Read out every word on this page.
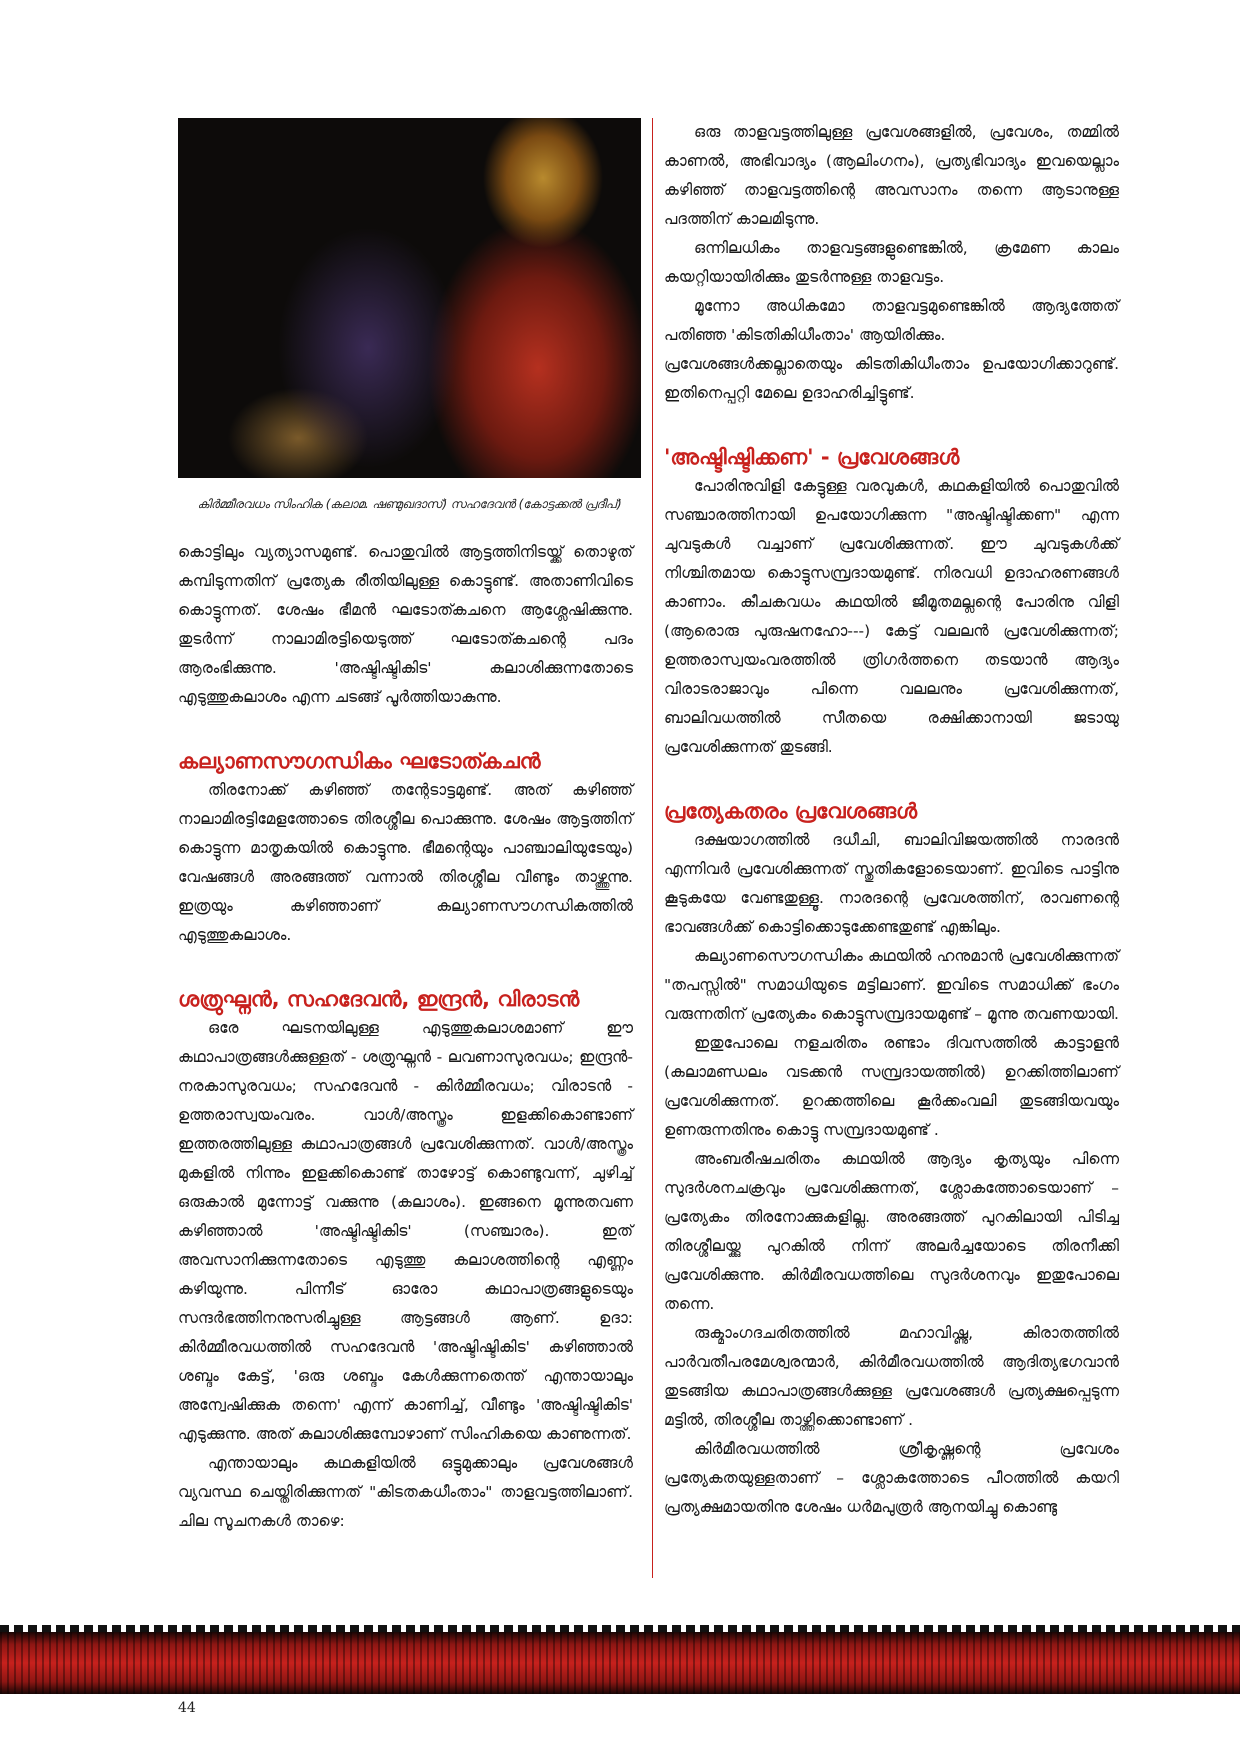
കിർമ്മീരവധം സിംഹിക (കലാമ. ഷണ്മുഖദാസ്) സഹദേവൻ (കോട്ടക്കൽ പ്രദീപ്)

കൊട്ടിലും വ്യത്യാസമുണ്ട്. പൊതുവിൽ ആട്ടത്തിനിടയ്ക്ക് തൊഴുത് കമ്പിടുന്നതിന് പ്രത്യേക രീതിയിലുള്ള കൊട്ടുണ്ട്. അതാണിവിടെ കൊട്ടുന്നത്. ശേഷം ഭീമൻ ഘടോത്കചനെ ആശ്ലേഷിക്കുന്നു. തുടർന്ന് നാലാമിരട്ടിയെടുത്ത് ഘടോത്കചന്റെ പദം ആരംഭിക്കുന്നു. 'അഷ്ടിഷ്ടികിട' കലാശിക്കുന്നതോടെ എടുത്തുകലാശം എന്ന ചടങ്ങ് പൂർത്തിയാകുന്നു.

കല്യാണസൗഗന്ധികം ഘടോത്കചൻ

തിരനോക്ക് കഴിഞ്ഞ് തന്റേടാട്ടമുണ്ട്. അത് കഴിഞ്ഞ് നാലാമിരട്ടിമേളത്തോടെ തിരശ്ശീല പൊക്കുന്നു. ശേഷം ആട്ടത്തിന് കൊട്ടുന്ന മാതൃകയിൽ കൊട്ടുന്നു. ഭീമന്റെയും പാഞ്ചാലിയുടേയും) വേഷങ്ങൾ അരങ്ങത്ത് വന്നാൽ തിരശ്ശീല വീണ്ടും താഴ്ത്തുന്നു. ഇത്രയും കഴിഞ്ഞാണ് കല്യാണസൗഗന്ധികത്തിൽ എടുത്തുകലാശം.

ശത്രുഘ്നൻ, സഹദേവൻ, ഇന്ദ്രൻ, വിരാടൻ

ഒരേ ഘടനയിലുള്ള എടുത്തുകലാശമാണ് ഈ കഥാപാത്രങ്ങൾക്കുള്ളത് - ശത്രുഘ്നൻ - ലവണാസുരവധം; ഇന്ദ്രൻ-നരകാസുരവധം; സഹദേവൻ - കിർമ്മീരവധം; വിരാടൻ - ഉത്തരാസ്വയംവരം. വാൾ/അസ്ത്രം ഇളക്കികൊണ്ടാണ് ഇത്തരത്തിലുള്ള കഥാപാത്രങ്ങൾ പ്രവേശിക്കുന്നത്. വാൾ/അസ്ത്രം മുകളിൽ നിന്നും ഇളക്കികൊണ്ട് താഴോട്ട് കൊണ്ടുവന്ന്, ചുഴിച്ച് ഒരുകാൽ മുന്നോട്ട് വക്കുന്നു (കലാശം). ഇങ്ങനെ മൂന്നുതവണ കഴിഞ്ഞാൽ 'അഷ്ടിഷ്ടികിട' (സഞ്ചാരം). ഇത് അവസാനിക്കുന്നതോടെ എടുത്തു കലാശത്തിന്റെ എണ്ണം കഴിയുന്നു. പിന്നീട് ഓരോ കഥാപാത്രങ്ങളുടെയും സന്ദർഭത്തിനനുസരിച്ചുള്ള ആട്ടങ്ങൾ ആണ്. ഉദാ: കിർമ്മീരവധത്തിൽ സഹദേവൻ 'അഷ്ടിഷ്ടികിട' കഴിഞ്ഞാൽ ശബ്ദം കേട്ട്, 'ഒരു ശബ്ദം കേൾക്കുന്നതെന്ത് എന്തായാലും അന്വേഷിക്കുക തന്നെ' എന്ന് കാണിച്ച്, വീണ്ടും 'അഷ്ടിഷ്ടികിട' എടുക്കുന്നു. അത് കലാശിക്കുമ്പോഴാണ് സിംഹികയെ കാണുന്നത്.

എന്തായാലും കഥകളിയിൽ ഒട്ടുമുക്കാലും പ്രവേശങ്ങൾ വ്യവസ്ഥ ചെയ്തിരിക്കുന്നത് "കിടതകധീംതാം" താളവട്ടത്തിലാണ്. ചില സൂചനകൾ താഴെ:

ഒരു താളവട്ടത്തിലുള്ള പ്രവേശങ്ങളിൽ, പ്രവേശം, തമ്മിൽ കാണൽ, അഭിവാദ്യം (ആലിംഗനം), പ്രത്യഭിവാദ്യം ഇവയെല്ലാം കഴിഞ്ഞ് താളവട്ടത്തിന്റെ അവസാനം തന്നെ ആടാനുള്ള പദത്തിന് കാലമിടുന്നു.

ഒന്നിലധികം താളവട്ടങ്ങളുണ്ടെങ്കിൽ, ക്രമേണ കാലം കയറ്റിയായിരിക്കും തുടർന്നുള്ള താളവട്ടം.

മൂന്നോ അധികമോ താളവട്ടമുണ്ടെങ്കിൽ ആദ്യത്തേത് പതിഞ്ഞ 'കിടതികിധീംതാം' ആയിരിക്കും.

പ്രവേശങ്ങൾക്കല്ലാതെയും കിടതികിധീംതാം ഉപയോഗിക്കാറുണ്ട്. ഇതിനെപ്പറ്റി മേലെ ഉദാഹരിച്ചിട്ടുണ്ട്.

'അഷ്ടിഷ്ടിക്കണ' - പ്രവേശങ്ങൾ

പോരിനുവിളി കേട്ടുള്ള വരവുകൾ, കഥകളിയിൽ പൊതുവിൽ സഞ്ചാരത്തിനായി ഉപയോഗിക്കുന്ന "അഷ്ടിഷ്ടിക്കണ" എന്ന ചുവടുകൾ വച്ചാണ് പ്രവേശിക്കുന്നത്. ഈ ചുവടുകൾക്ക് നിശ്ചിതമായ കൊട്ടുസമ്പ്രദായമുണ്ട്. നിരവധി ഉദാഹരണങ്ങൾ കാണാം. കീചകവധം കഥയിൽ ജീമൂതമല്ലന്റെ പോരിനു വിളി (ആരൊരു പുരുഷനഹോ---) കേട്ട് വലലൻ പ്രവേശിക്കുന്നത്; ഉത്തരാസ്വയംവരത്തിൽ ത്രിഗർത്തനെ തടയാൻ ആദ്യം വിരാടരാജാവും പിന്നെ വലലനും പ്രവേശിക്കുന്നത്, ബാലിവധത്തിൽ സീതയെ രക്ഷിക്കാനായി ജടായു പ്രവേശിക്കുന്നത് തുടങ്ങി.

പ്രത്യേകതരം പ്രവേശങ്ങൾ

ദക്ഷയാഗത്തിൽ ദധീചി, ബാലിവിജയത്തിൽ നാരദൻ എന്നിവർ പ്രവേശിക്കുന്നത് സ്തുതികളോടെയാണ്. ഇവിടെ പാട്ടിനു കൂടുകയേ വേണ്ടതുള്ളൂ. നാരദന്റെ പ്രവേശത്തിന്, രാവണന്റെ ഭാവങ്ങൾക്ക് കൊട്ടിക്കൊടുക്കേണ്ടതുണ്ട് എങ്കിലും.

കല്യാണസൌഗന്ധികം കഥയിൽ ഹനുമാൻ പ്രവേശിക്കുന്നത് "തപസ്സിൽ" സമാധിയുടെ മട്ടിലാണ്. ഇവിടെ സമാധിക്ക് ഭംഗം വരുന്നതിന് പ്രത്യേകം കൊട്ടുസമ്പ്രദായമുണ്ട് – മൂന്നു തവണയായി.

ഇതുപോലെ നളചരിതം രണ്ടാം ദിവസത്തിൽ കാട്ടാളൻ (കലാമണ്ഡലം വടക്കൻ സമ്പ്രദായത്തിൽ) ഉറക്കിത്തിലാണ് പ്രവേശിക്കുന്നത്. ഉറക്കത്തിലെ കൂർക്കംവലി തുടങ്ങിയവയും ഉണരുന്നതിനും കൊട്ടു സമ്പ്രദായമുണ്ട് .

അംബരീഷചരിതം കഥയിൽ ആദ്യം കൃത്യയും പിന്നെ സുദർശനചക്രവും പ്രവേശിക്കുന്നത്, ശ്ലോകത്തോടെയാണ് – പ്രത്യേകം തിരനോക്കുകളില്ല. അരങ്ങത്ത് പുറകിലായി പിടിച്ച തിരശ്ശീലയ്ക്കു പുറകിൽ നിന്ന് അലർച്ചയോടെ തിരനീക്കി പ്രവേശിക്കുന്നു. കിർമീരവധത്തിലെ സുദർശനവും ഇതുപോലെ തന്നെ.

രുക്മാംഗദചരിതത്തിൽ മഹാവിഷ്ണു, കിരാതത്തിൽ പാർവതീപരമേശ്വരന്മാർ, കിർമീരവധത്തിൽ ആദിത്യഭഗവാൻ തുടങ്ങിയ കഥാപാത്രങ്ങൾക്കുള്ള പ്രവേശങ്ങൾ പ്രത്യക്ഷപ്പെടുന്ന മട്ടിൽ, തിരശ്ശീല താഴ്ത്തിക്കൊണ്ടാണ് .

കിർമീരവധത്തിൽ ശ്രീകൃഷ്ണന്റെ പ്രവേശം പ്രത്യേകതയുള്ളതാണ് – ശ്ലോകത്തോടെ പീഠത്തിൽ കയറി പ്രത്യക്ഷമായതിനു ശേഷം ധർമപുത്രർ ആനയിച്ചു കൊണ്ടു

44
